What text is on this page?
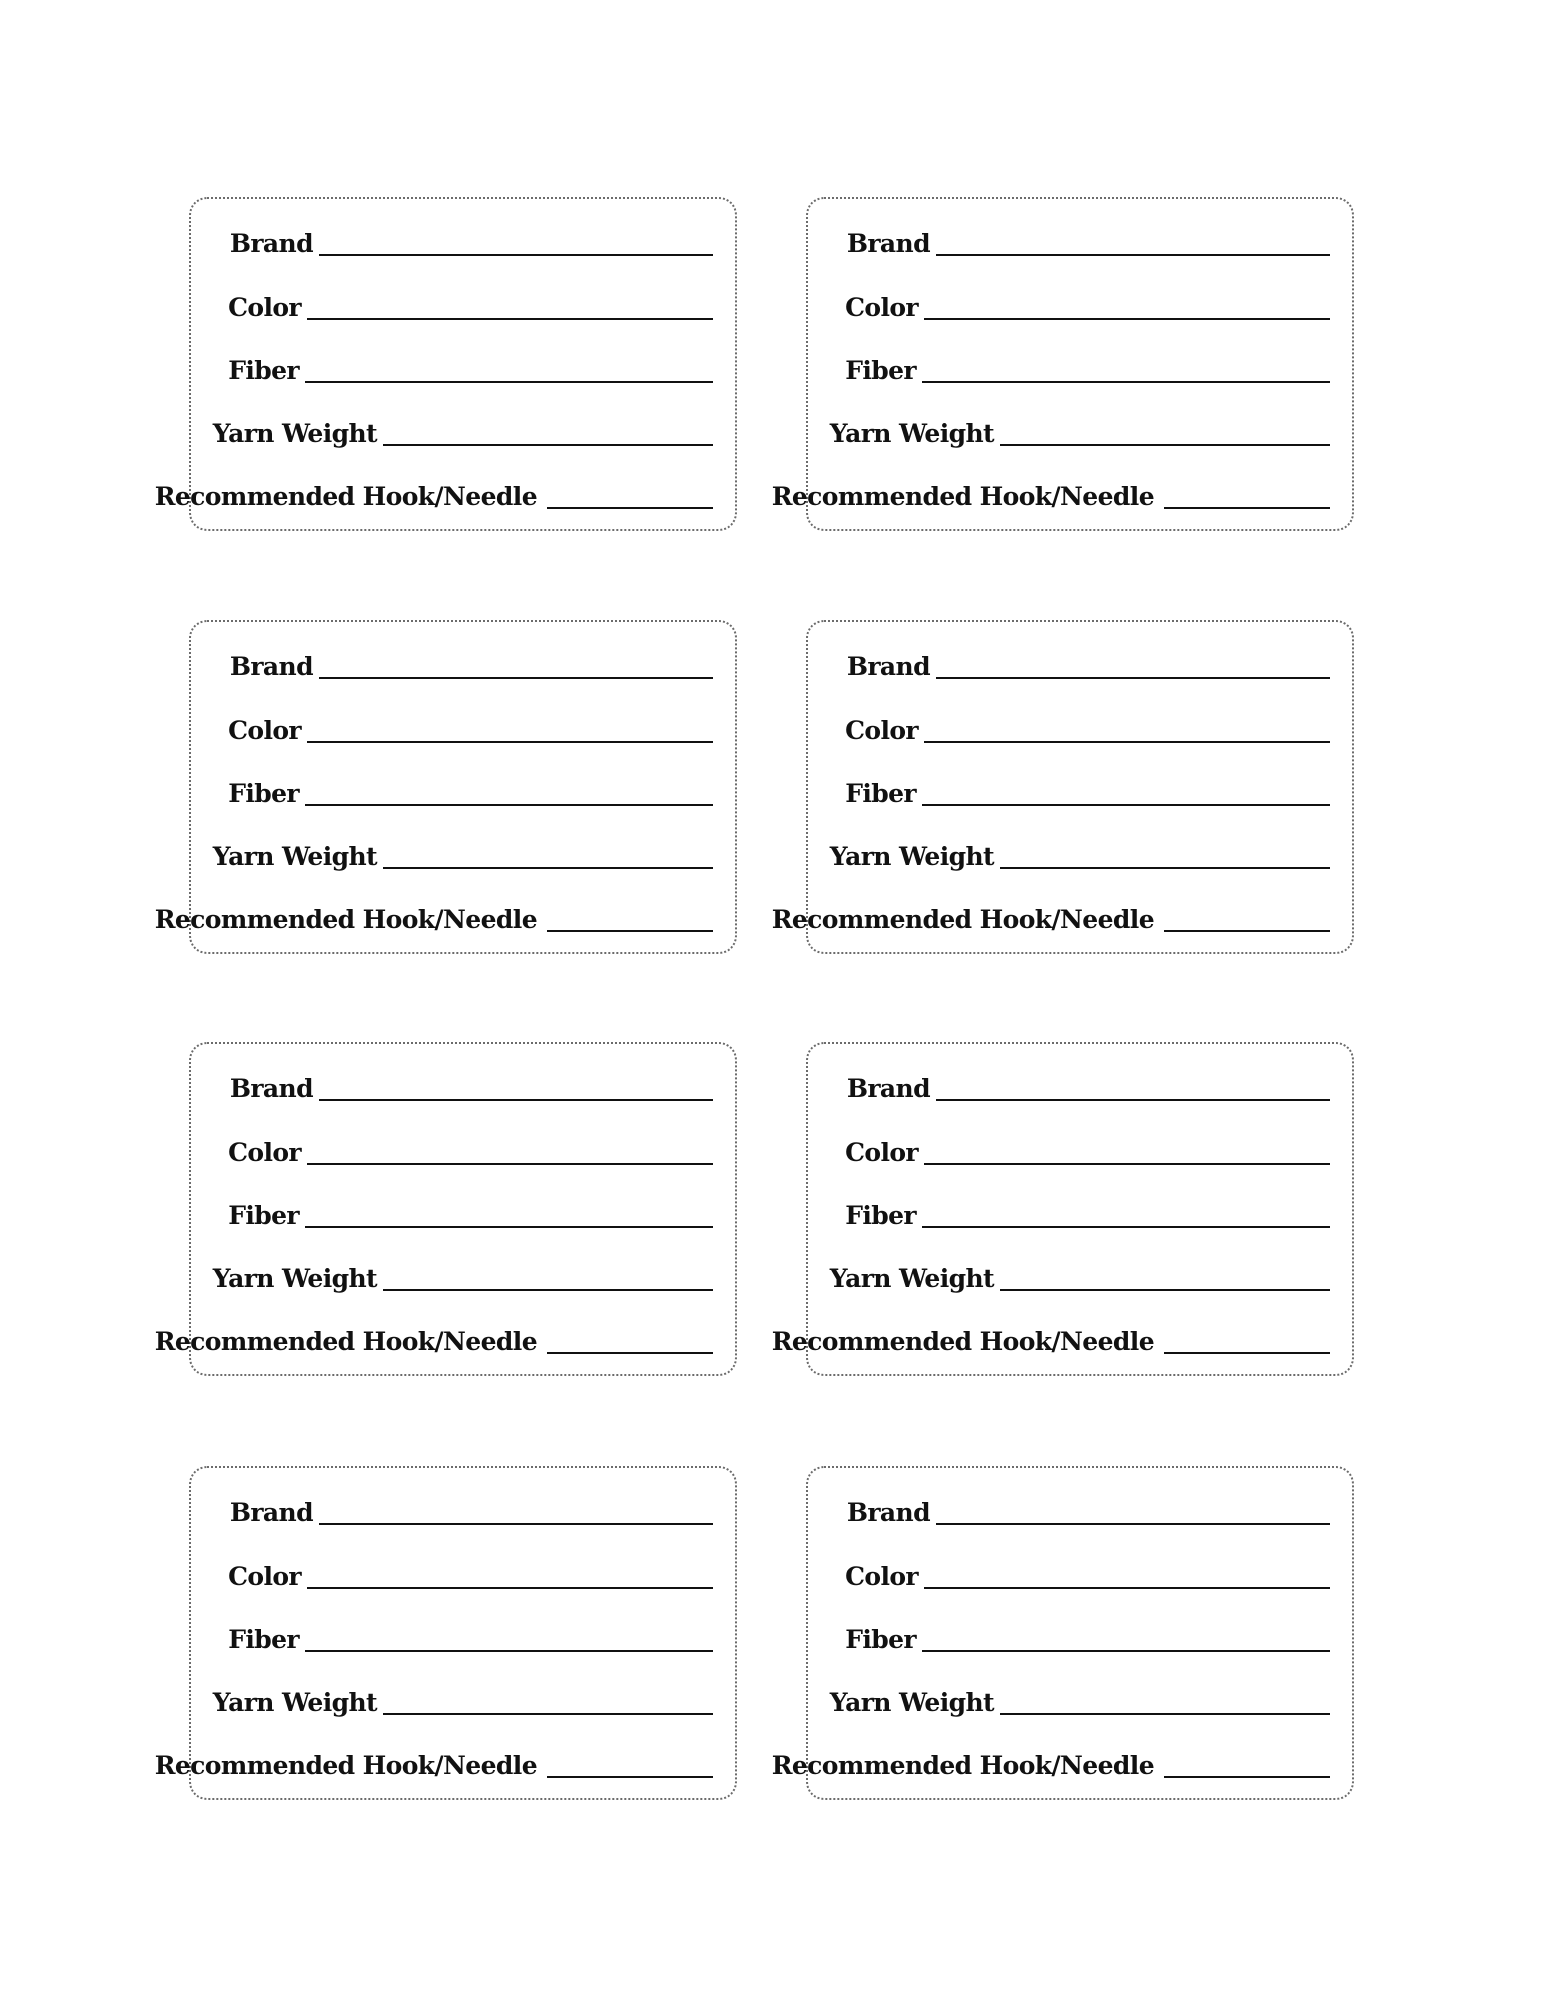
Brand
Color
Fiber
Yarn Weight
Recommended Hook/Needle
Brand
Color
Fiber
Yarn Weight
Recommended Hook/Needle
Brand
Color
Fiber
Yarn Weight
Recommended Hook/Needle
Brand
Color
Fiber
Yarn Weight
Recommended Hook/Needle
Brand
Color
Fiber
Yarn Weight
Recommended Hook/Needle
Brand
Color
Fiber
Yarn Weight
Recommended Hook/Needle
Brand
Color
Fiber
Yarn Weight
Recommended Hook/Needle
Brand
Color
Fiber
Yarn Weight
Recommended Hook/Needle
